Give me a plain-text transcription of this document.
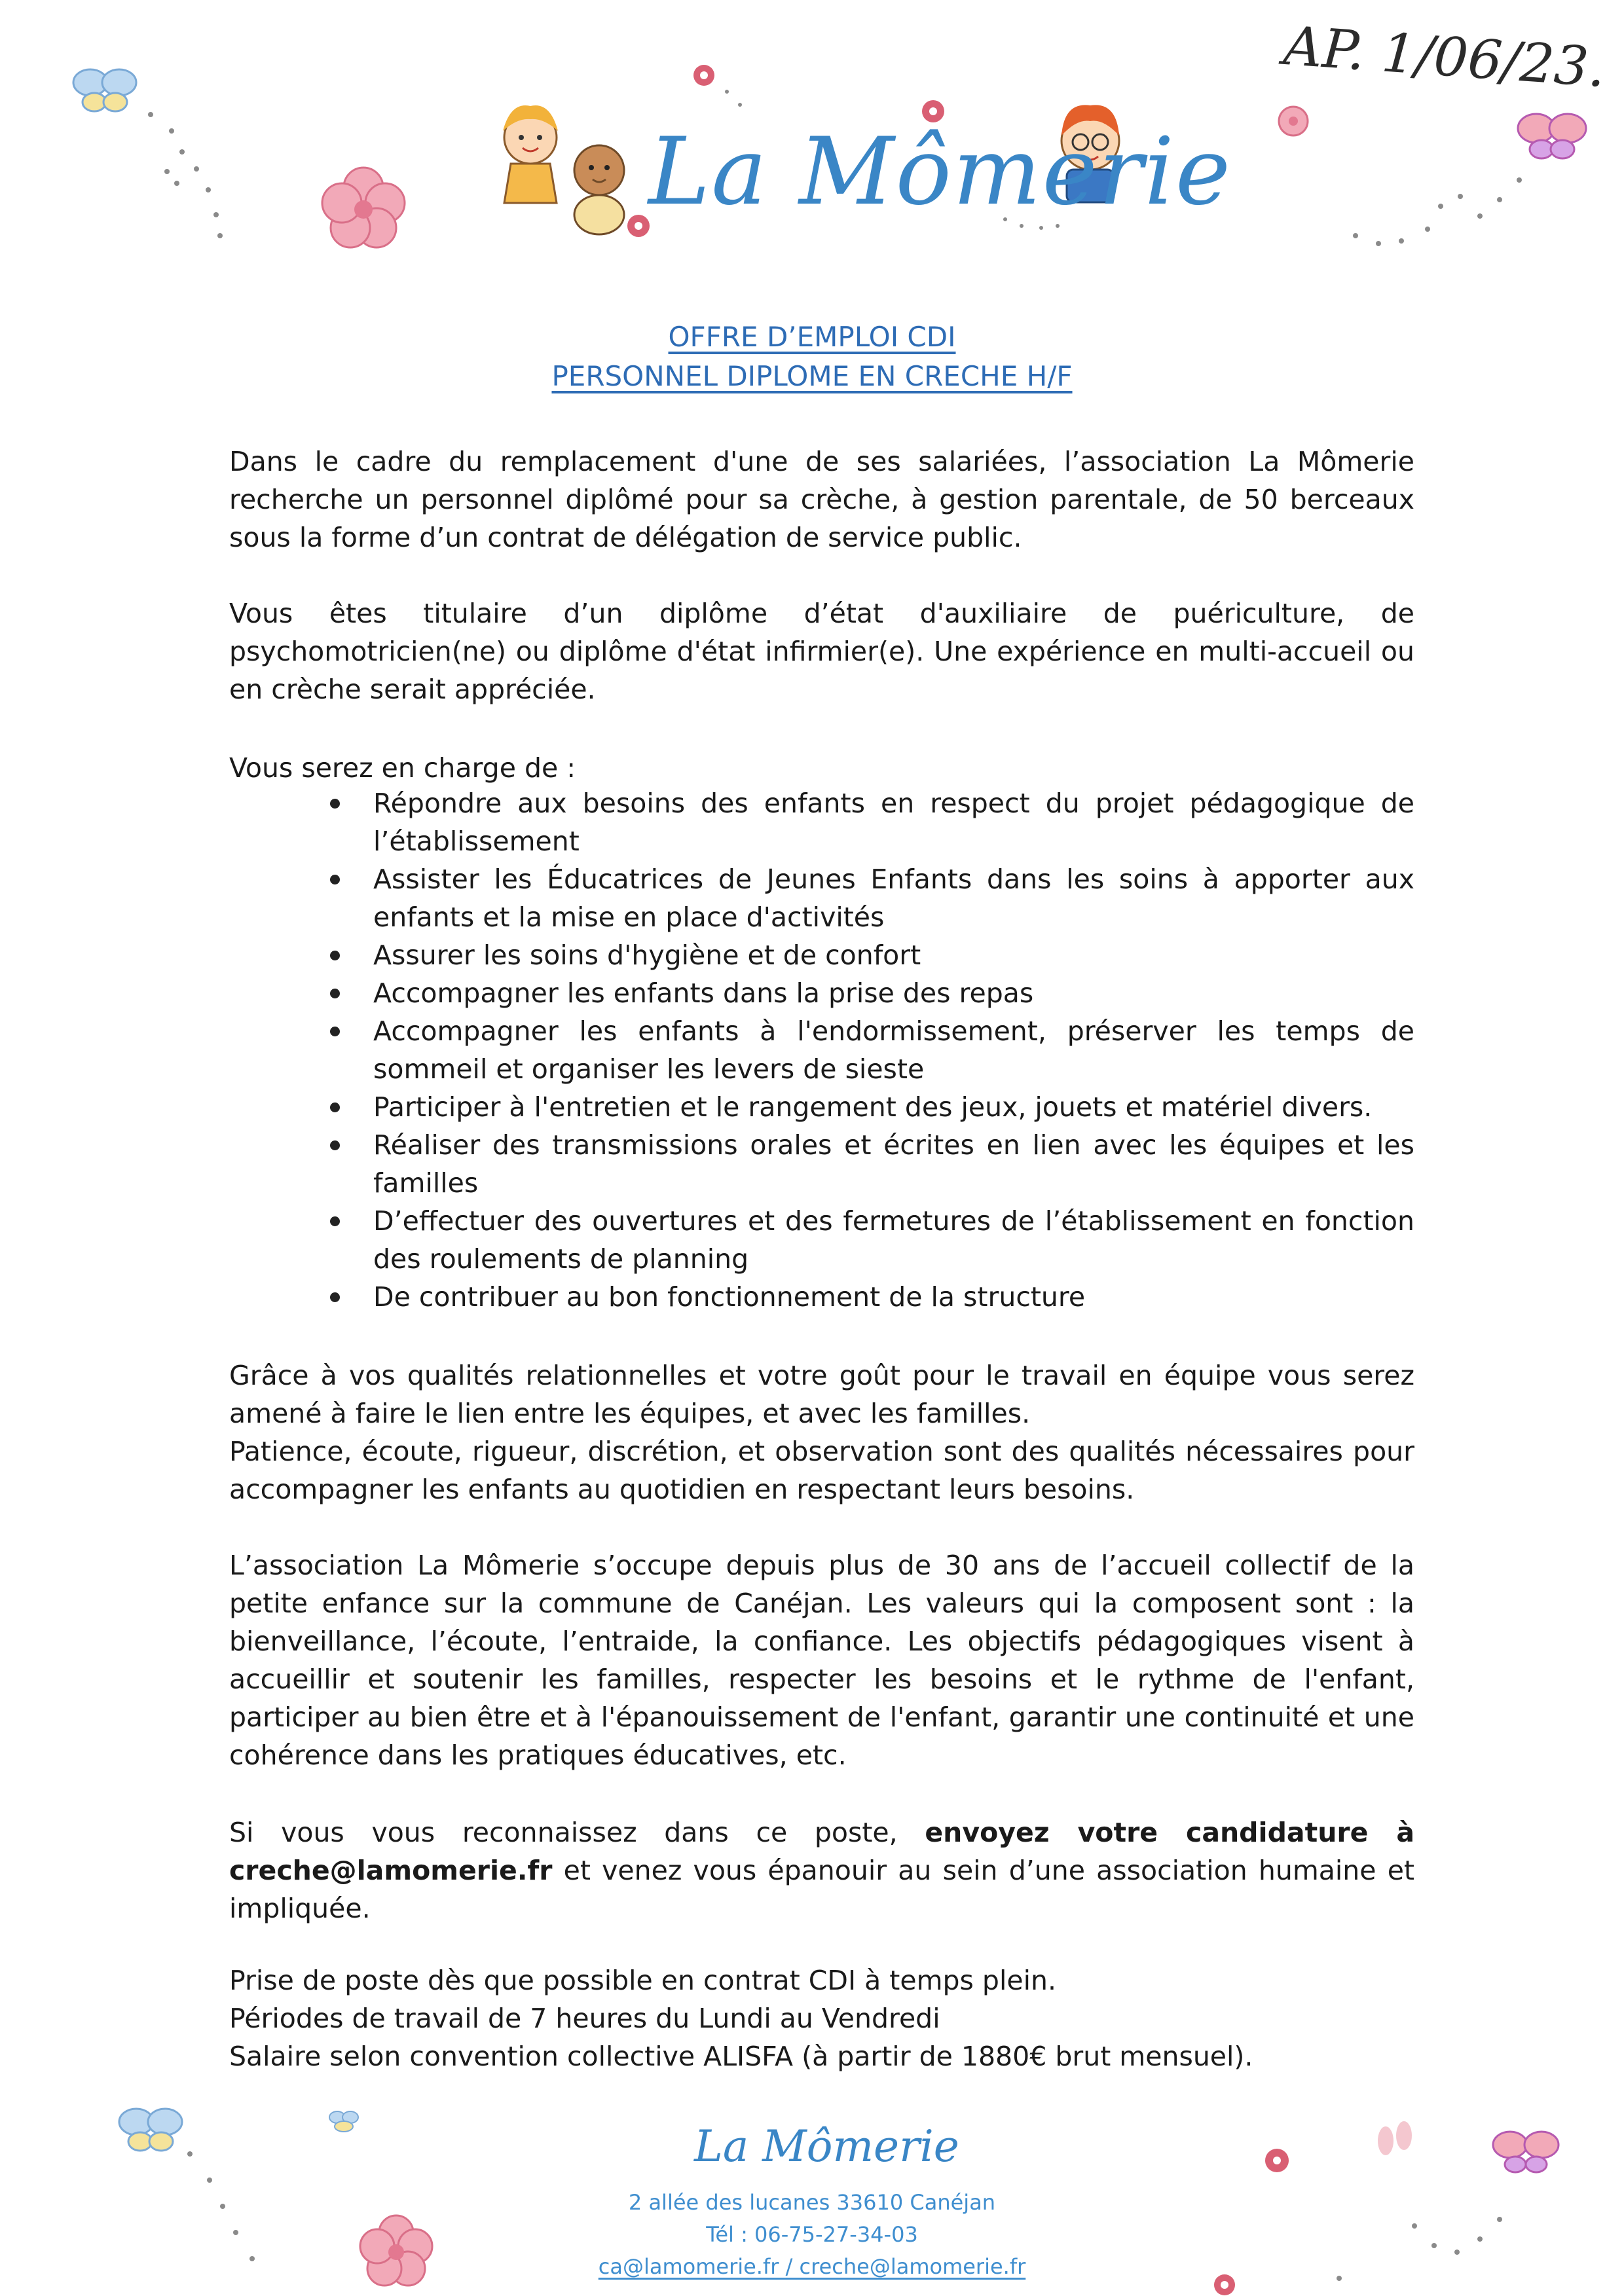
La Mômerie
AP. 1/06/23.
OFFRE D’EMPLOI CDI
PERSONNEL DIPLOME EN CRECHE H/F
Dans le cadre du remplacement d'une de ses salariées, l’association La Mômerie recherche un personnel diplômé pour sa crèche, à gestion parentale, de 50 berceaux sous la forme d’un contrat de délégation de service public.
Vous êtes titulaire d’un diplôme d’état d'auxiliaire de puériculture, de psychomotricien(ne) ou diplôme d'état infirmier(e). Une expérience en multi-accueil ou en crèche serait appréciée.
Vous serez en charge de :
Répondre aux besoins des enfants en respect du projet pédagogique de l’établissement
Assister les Éducatrices de Jeunes Enfants dans les soins à apporter aux enfants et la mise en place d'activités
Assurer les soins d'hygiène et de confort
Accompagner les enfants dans la prise des repas
Accompagner les enfants à l'endormissement, préserver les temps de sommeil et organiser les levers de sieste
Participer à l'entretien et le rangement des jeux, jouets et matériel divers.
Réaliser des transmissions orales et écrites en lien avec les équipes et les familles
D’effectuer des ouvertures et des fermetures de l’établissement en fonction des roulements de planning
De contribuer au bon fonctionnement de la structure
Grâce à vos qualités relationnelles et votre goût pour le travail en équipe vous serez amené à faire le lien entre les équipes, et avec les familles.
Patience, écoute, rigueur, discrétion, et observation sont des qualités nécessaires pour accompagner les enfants au quotidien en respectant leurs besoins.
L’association La Mômerie s’occupe depuis plus de 30 ans de l’accueil collectif de la petite enfance sur la commune de Canéjan. Les valeurs qui la composent sont : la bienveillance, l’écoute, l’entraide, la confiance. Les objectifs pédagogiques visent à accueillir et soutenir les familles, respecter les besoins et le rythme de l'enfant, participer au bien être et à l'épanouissement de l'enfant, garantir une continuité et une cohérence dans les pratiques éducatives, etc.
Si vous vous reconnaissez dans ce poste, envoyez votre candidature à creche@lamomerie.fr et venez vous épanouir au sein d’une association humaine et impliquée.
Prise de poste dès que possible en contrat CDI à temps plein.
Périodes de travail de 7 heures du Lundi au Vendredi
Salaire selon convention collective ALISFA (à partir de 1880€ brut mensuel).
La Mômerie
2 allée des lucanes 33610 Canéjan
Tél : 06-75-27-34-03
ca@lamomerie.fr / creche@lamomerie.fr
